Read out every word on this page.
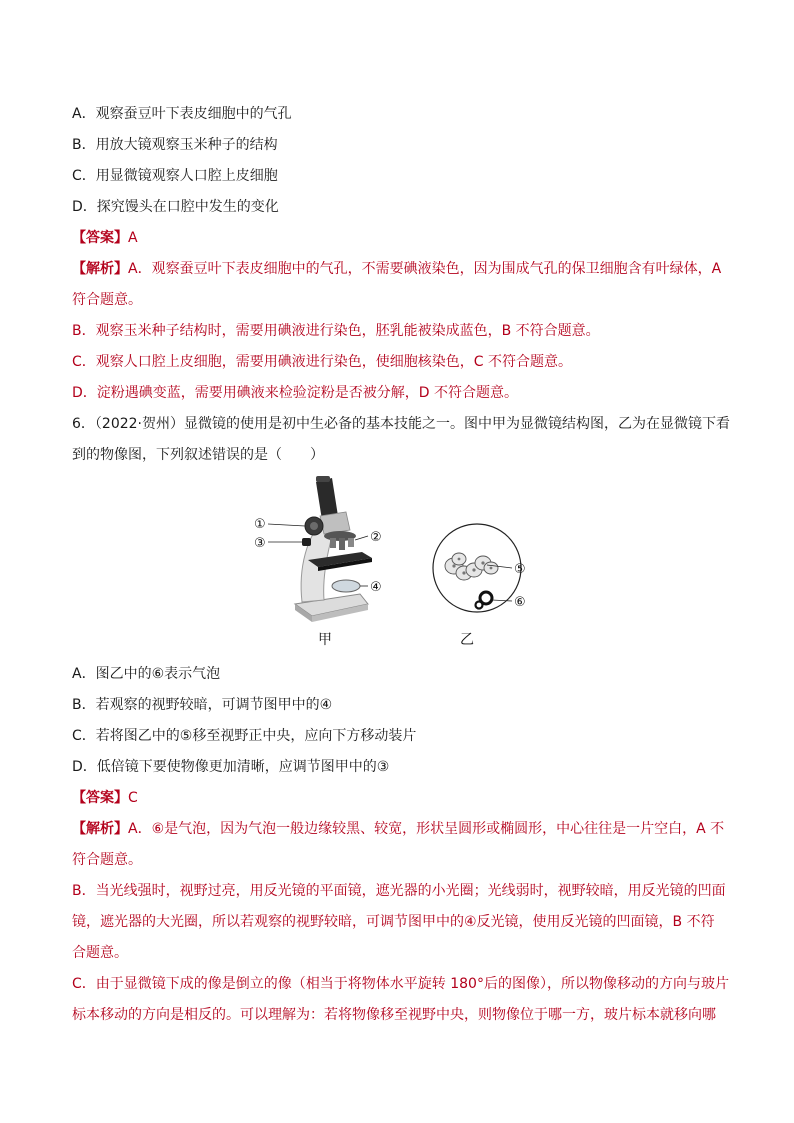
A．观察蚕豆叶下表皮细胞中的气孔
B．用放大镜观察玉米种子的结构
C．用显微镜观察人口腔上皮细胞
D．探究馒头在口腔中发生的变化
【答案】A
【解析】A．观察蚕豆叶下表皮细胞中的气孔，不需要碘液染色，因为围成气孔的保卫细胞含有叶绿体，A
符合题意。
B．观察玉米种子结构时，需要用碘液进行染色，胚乳能被染成蓝色，B 不符合题意。
C．观察人口腔上皮细胞，需要用碘液进行染色，使细胞核染色，C 不符合题意。
D．淀粉遇碘变蓝，需要用碘液来检验淀粉是否被分解，D 不符合题意。
6．（2022·贺州）显微镜的使用是初中生必备的基本技能之一。图中甲为显微镜结构图，乙为在显微镜下看
到的物像图，下列叙述错误的是（　　）
①
③	②
④
甲
⑤
⑥
乙
A．图乙中的⑥表示气泡
B．若观察的视野较暗，可调节图甲中的④
C．若将图乙中的⑤移至视野正中央，应向下方移动装片
D．低倍镜下要使物像更加清晰，应调节图甲中的③
【答案】C
【解析】A．⑥是气泡，因为气泡一般边缘较黑、较宽，形状呈圆形或椭圆形，中心往往是一片空白，A 不
符合题意。
B．当光线强时，视野过亮，用反光镜的平面镜，遮光器的小光圈；光线弱时，视野较暗，用反光镜的凹面
镜，遮光器的大光圈，所以若观察的视野较暗，可调节图甲中的④反光镜，使用反光镜的凹面镜，B 不符
合题意。
C．由于显微镜下成的像是倒立的像（相当于将物体水平旋转 180°后的图像），所以物像移动的方向与玻片
标本移动的方向是相反的。可以理解为：若将物像移至视野中央，则物像位于哪一方，玻片标本就移向哪
